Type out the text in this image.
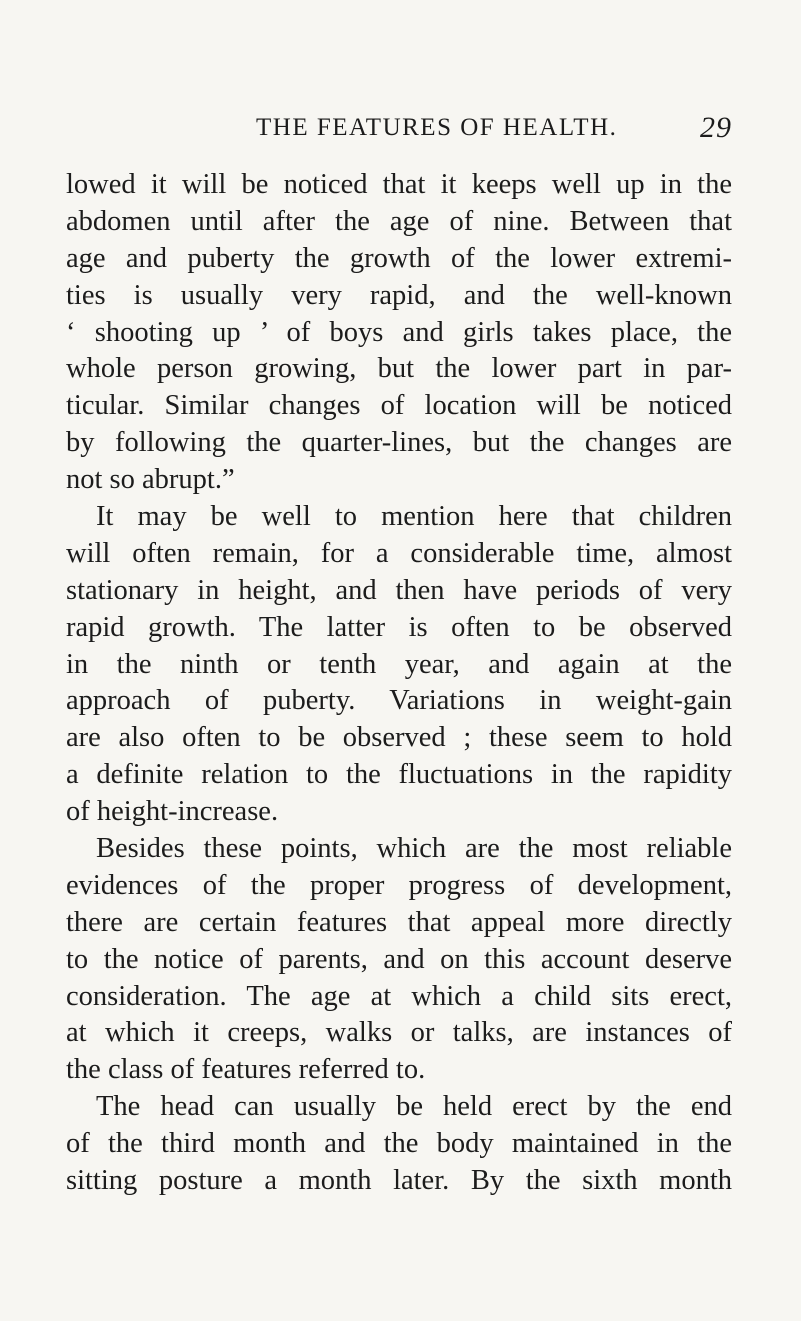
THE FEATURES OF HEALTH.	29
lowed it will be noticed that it keeps well up in the
abdomen until after the age of nine. Between that
age and puberty the growth of the lower extremi-
ties is usually very rapid, and the well-known
‘ shooting up ’ of boys and girls takes place, the
whole person growing, but the lower part in par-
ticular. Similar changes of location will be noticed
by following the quarter-lines, but the changes are
not so abrupt.”
It may be well to mention here that children
will often remain, for a considerable time, almost
stationary in height, and then have periods of very
rapid growth. The latter is often to be observed
in the ninth or tenth year, and again at the
approach of puberty. Variations in weight-gain
are also often to be observed ; these seem to hold
a definite relation to the fluctuations in the rapidity
of height-increase.
Besides these points, which are the most reliable
evidences of the proper progress of development,
there are certain features that appeal more directly
to the notice of parents, and on this account deserve
consideration. The age at which a child sits erect,
at which it creeps, walks or talks, are instances of
the class of features referred to.
The head can usually be held erect by the end
of the third month and the body maintained in the
sitting posture a month later. By the sixth month
